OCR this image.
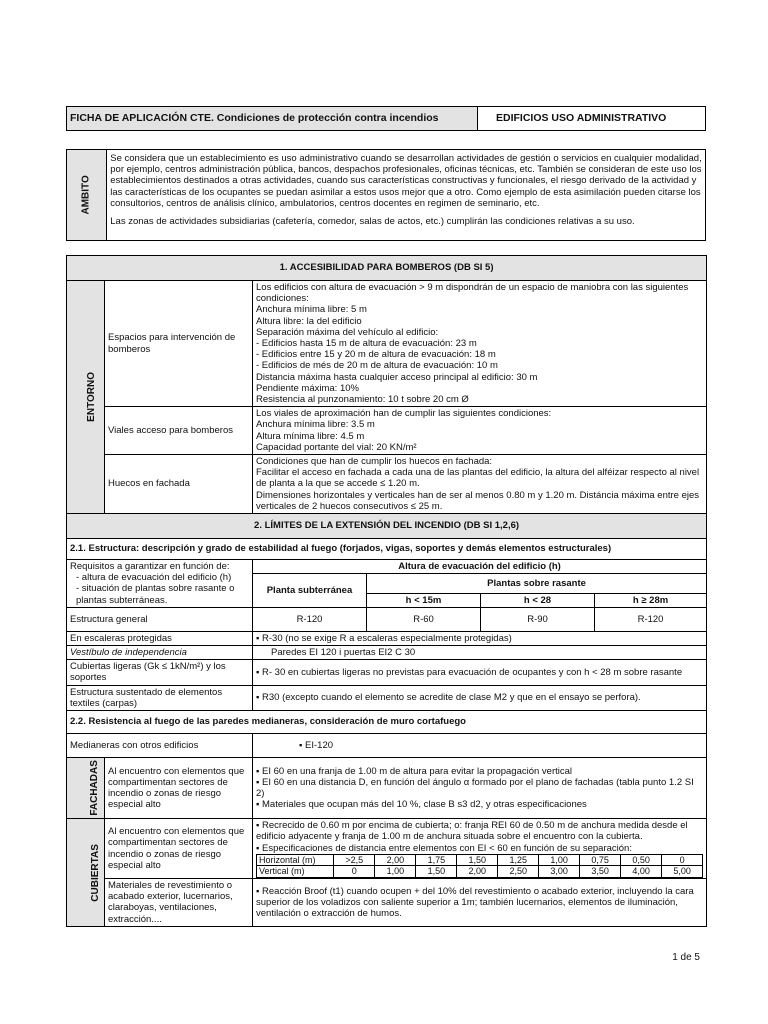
FICHA DE APLICACIÓN CTE. Condiciones de protección contra incendios	EDIFICIOS USO ADMINISTRATIVO
AMBITO	
Se considera que un establecimiento es uso administrativo cuando se desarrollan actividades de gestión o servicios en cualquier modalidad, por ejemplo, centros administración pública, bancos, despachos profesionales, oficinas técnicas, etc. También se consideran de este uso los establecimientos destinados a otras actividades, cuando sus características constructivas y funcionales, el riesgo derivado de la actividad y las características de los ocupantes se puedan asimilar a estos usos mejor que a otro. Como ejemplo de esta asimilación pueden citarse los consultorios, centros de análisis clínico, ambulatorios, centros docentes en regimen de seminario, etc.
Las zonas de actividades subsidiarias (cafetería, comedor, salas de actos, etc.) cumplirán las condiciones relativas a su uso.
1. ACCESIBILIDAD PARA BOMBEROS (DB SI 5)
ENTORNO	Espacios para intervención de bomberos	
Los edificios con altura de evacuación > 9 m dispondrán de un espacio de maniobra con las siguientes condiciones:
Anchura mínima libre: 5 m
Altura libre: la del edificio
Separación máxima del vehículo al edificio:
- Edificios hasta 15 m de altura de evacuación: 23 m
- Edificios entre 15 y 20 m de altura de evacuación: 18 m
- Edificios de més de 20 m de altura de evacuación: 10 m
Distancia máxima hasta cualquier acceso principal al edificio: 30 m
Pendiente máxima: 10%
Resistencia al punzonamiento: 10 t sobre 20 cm Ø

Viales acceso para bomberos	
Los viales de aproximación han de cumplir las siguientes condiciones:
Anchura mínima libre: 3.5 m
Altura mínima libre: 4.5 m
Capacidad portante del vial: 20 KN/m²

Huecos en fachada	
Condiciones que han de cumplir los huecos en fachada:
Facilitar el acceso en fachada a cada una de las plantas del edificio, la altura del alféizar respecto al nivel de planta a la que se accede ≤ 1.20 m.
Dimensiones horizontales y verticales han de ser al menos 0.80 m y 1.20 m. Distáncia máxima entre ejes verticales de 2 huecos consecutivos ≤ 25 m.

2. LÍMITES DE LA EXTENSIÓN DEL INCENDIO (DB SI 1,2,6)
2.1. Estructura: descripción y grado de estabilidad al fuego (forjados, vigas, soportes y demás elementos estructurales)

Requisitos a garantizar en función de:
- altura de evacuación del edificio (h)
- situación de plantas sobre rasante o plantas subterráneas.
	Altura de evacuación del edificio (h)
Planta subterránea	Plantas sobre rasante
h < 15m	h < 28	h ≥ 28m
Estructura general	R-120	R-60	R-90	R-120
En escaleras protegidas	▪R-30 (no se exige R a escaleras especialmente protegidas)
Vestíbulo de independencia	Paredes EI 120 i puertas EI2 C 30
Cubiertas ligeras (Gk ≤ 1kN/m²) y los soportes	▪ R- 30 en cubiertas ligeras no previstas para evacuación de ocupantes y con h < 28 m sobre rasante
Estructura sustentado de elementos textiles (carpas)	▪ R30 (excepto cuando el elemento se acredite de clase M2 y que en el ensayo se perfora).
2.2. Resistencia al fuego de las paredes medianeras, consideración de muro cortafuego
Medianeras con otros edificios	▪EI-120
FACHADAS	Al encuentro con elementos que compartimentan sectores de incendio o zonas de riesgo especial alto	
▪ EI 60 en una franja de 1.00 m de altura para evitar la propagación vertical
▪ EI 60 en una distancia D, en función del ángulo α formado por el plano de fachadas (tabla punto 1.2 SI 2)
▪ Materiales que ocupan más del 10 %, clase B s3 d2, y otras especificaciones

CUBIERTAS	Al encuentro con elementos que compartimentan sectores de incendio o zonas de riesgo especial alto	
▪ Recrecido de 0.60 m por encima de cubierta; o: franja REI 60 de 0.50 m de anchura medida desde el edificio adyacente y franja de 1.00 m de anchura situada sobre el encuentro con la cubierta.
▪ Especificaciones de distancia entre elementos con EI < 60 en función de su separación:
Horizontal (m)	>2,5	2,00	1,75	1,50	1,25	1,00	0,75	0,50	0
Vertical (m)	0	1,00	1,50	2,00	2,50	3,00	3,50	4,00	5,00

Materiales de revestimiento o acabado exterior, lucernarios, claraboyas, ventilaciones, extracción....	
▪ Reacción Broof (t1) cuando ocupen + del 10% del revestimiento o acabado exterior, incluyendo la cara superior de los voladizos con saliente superior a 1m; también lucernarios, elementos de iluminación, ventilación o extracción de humos.
1 de 5
